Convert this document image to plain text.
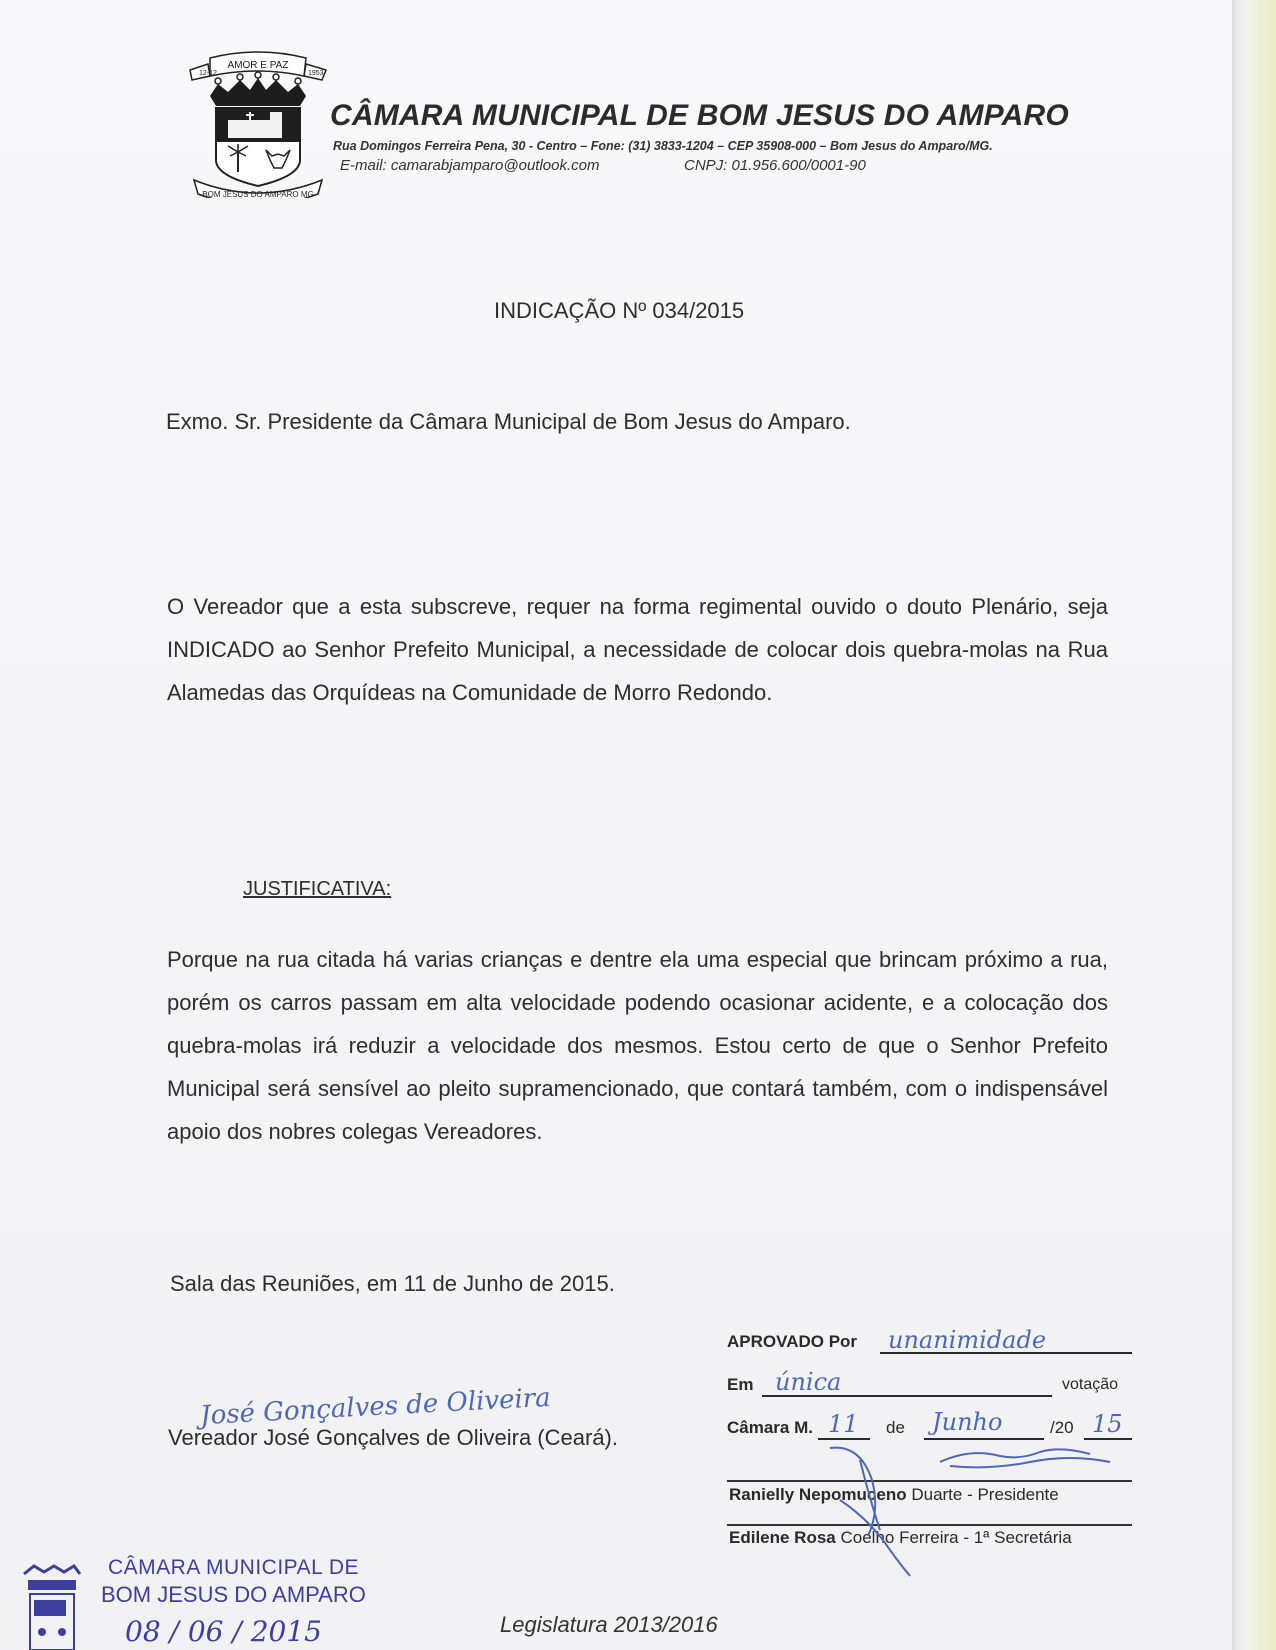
AMOR E PAZ
12-12	1953
BOM JESUS DO AMPARO MG
CÂMARA MUNICIPAL DE BOM JESUS DO AMPARO
Rua Domingos Ferreira Pena, 30 - Centro – Fone: (31) 3833-1204 – CEP 35908-000 – Bom Jesus do Amparo/MG.
E-mail: camarabjamparo@outlook.com	CNPJ: 01.956.600/0001-90
INDICAÇÃO Nº 034/2015
Exmo. Sr. Presidente da Câmara Municipal de Bom Jesus do Amparo.
O Vereador que a esta subscreve, requer na forma regimental ouvido o douto Plenário, seja INDICADO ao Senhor Prefeito Municipal, a necessidade de colocar dois quebra-molas na Rua Alamedas das Orquídeas na Comunidade de Morro Redondo.
JUSTIFICATIVA:
Porque na rua citada há varias crianças e dentre ela uma especial que brincam próximo a rua, porém os carros passam em alta velocidade podendo ocasionar acidente, e a colocação dos quebra-molas irá reduzir a velocidade dos mesmos. Estou certo de que o Senhor Prefeito Municipal será sensível ao pleito supramencionado, que contará também, com o indispensável apoio dos nobres colegas Vereadores.
Sala das Reuniões, em 11 de Junho de 2015.
Vereador José Gonçalves de Oliveira (Ceará).
José Gonçalves de Oliveira
APROVADO Por unanimidade
Em única	votação
Câmara M. 11 de Junho	/20 15
Ranielly Nepomuceno Duarte - Presidente
Edilene Rosa Coelho Ferreira - 1ª Secretária
CÂMARA MUNICIPAL DE
BOM JESUS DO AMPARO
08 / 06 / 2015	Legislatura 2013/2016
